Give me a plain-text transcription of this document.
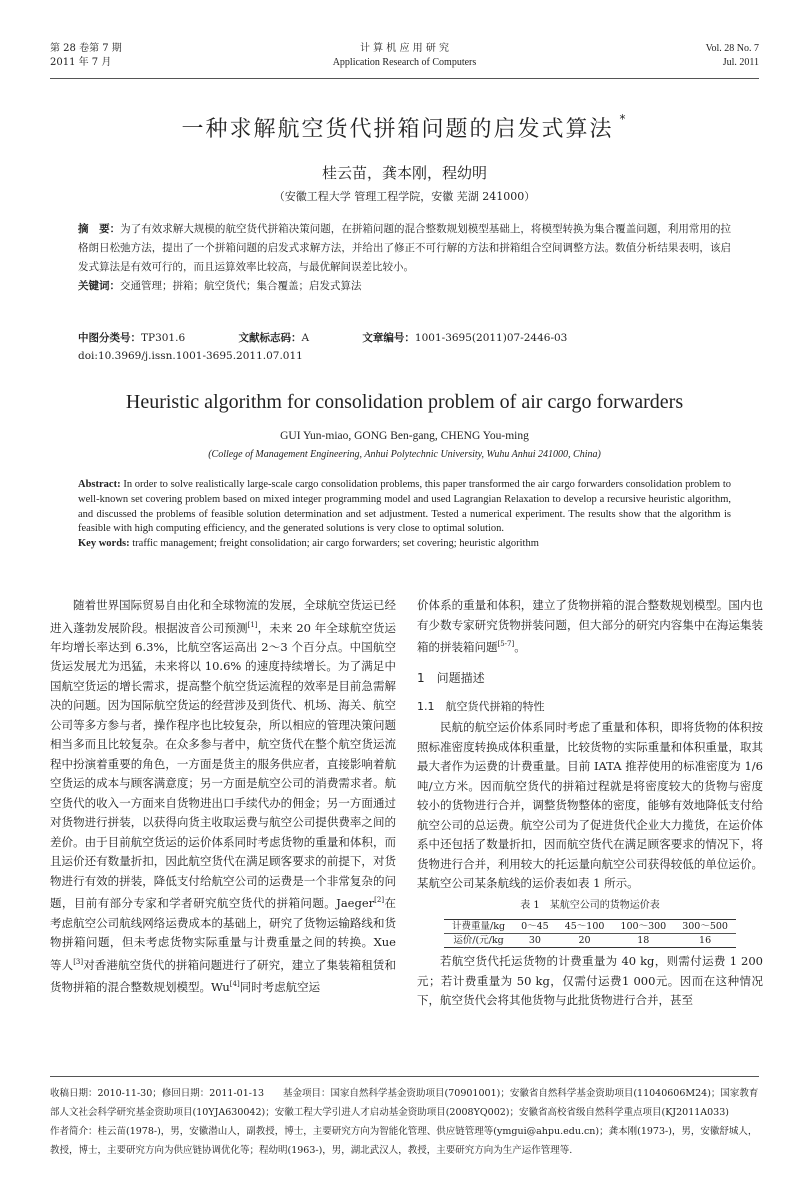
第 28 卷第 7 期
2011 年 7 月
计 算 机 应 用 研 究
Application Research of Computers
Vol. 28 No. 7
Jul. 2011
一种求解航空货代拼箱问题的启发式算法 *
桂云苗，龚本刚，程幼明
（安徽工程大学 管理工程学院，安徽 芜湖 241000）
摘　要：为了有效求解大规模的航空货代拼箱决策问题，在拼箱问题的混合整数规划模型基础上，将模型转换为集合覆盖问题，利用常用的拉格朗日松弛方法，提出了一个拼箱问题的启发式求解方法，并给出了修正不可行解的方法和拼箱组合空间调整方法。数值分析结果表明，该启发式算法是有效可行的，而且运算效率比较高，与最优解间误差比较小。
关键词：交通管理；拼箱；航空货代；集合覆盖；启发式算法
中图分类号：TP301.6	文献标志码：A	文章编号：1001-3695(2011)07-2446-03
doi:10.3969/j.issn.1001-3695.2011.07.011
Heuristic algorithm for consolidation problem of air cargo forwarders
GUI Yun-miao, GONG Ben-gang, CHENG You-ming
(College of Management Engineering, Anhui Polytechnic University, Wuhu Anhui 241000, China)
Abstract: In order to solve realistically large-scale cargo consolidation problems, this paper transformed the air cargo forwarders consolidation problem to well-known set covering problem based on mixed integer programming model and used Lagrangian Relaxation to develop a recursive heuristic algorithm, and discussed the problems of feasible solution determination and set adjustment. Tested a numerical experiment. The results show that the algorithm is feasible with high computing efficiency, and the generated solutions is very close to optimal solution.
Key words: traffic management; freight consolidation; air cargo forwarders; set covering; heuristic algorithm

随着世界国际贸易自由化和全球物流的发展，全球航空货运已经进入蓬勃发展阶段。根据波音公司预测[1]，未来 20 年全球航空货运年均增长率达到 6.3%，比航空客运高出 2～3 个百分点。中国航空货运发展尤为迅猛，未来将以 10.6% 的速度持续增长。为了满足中国航空货运的增长需求，提高整个航空货运流程的效率是目前急需解决的问题。因为国际航空货运的经营涉及到货代、机场、海关、航空公司等多方参与者，操作程序也比较复杂，所以相应的管理决策问题相当多而且比较复杂。在众多参与者中，航空货代在整个航空货运流程中扮演着重要的角色，一方面是货主的服务供应者，直接影响着航空货运的成本与顾客满意度；另一方面是航空公司的消费需求者。航空货代的收入一方面来自货物进出口手续代办的佣金；另一方面通过对货物进行拼装，以获得向货主收取运费与航空公司提供费率之间的差价。由于目前航空货运的运价体系同时考虑货物的重量和体积，而且运价还有数量折扣，因此航空货代在满足顾客要求的前提下，对货物进行有效的拼装，降低支付给航空公司的运费是一个非常复杂的问题，目前有部分专家和学者研究航空货代的拼箱问题。Jaeger[2]在考虑航空公司航线网络运费成本的基础上，研究了货物运输路线和货物拼箱问题，但未考虑货物实际重量与计费重量之间的转换。Xue 等人[3]对香港航空货代的拼箱问题进行了研究，建立了集装箱租赁和货物拼箱的混合整数规划模型。Wu[4]同时考虑航空运

价体系的重量和体积，建立了货物拼箱的混合整数规划模型。国内也有少数专家研究货物拼装问题，但大部分的研究内容集中在海运集装箱的拼装箱问题[5-7]。

1　问题描述
1.1　航空货代拼箱的特性

民航的航空运价体系同时考虑了重量和体积，即将货物的体积按照标准密度转换成体积重量，比较货物的实际重量和体积重量，取其最大者作为运费的计费重量。目前 IATA 推荐使用的标准密度为 1/6 吨/立方米。因而航空货代的拼箱过程就是将密度较大的货物与密度较小的货物进行合并，调整货物整体的密度，能够有效地降低支付给航空公司的总运费。航空公司为了促进货代企业大力揽货，在运价体系中还包括了数量折扣，因而航空货代在满足顾客要求的情况下，将货物进行合并，利用较大的托运量向航空公司获得较低的单位运价。某航空公司某条航线的运价表如表 1 所示。

表 1　某航空公司的货物运价表
计费重量/kg	0～45	45～100	100～300	300～500
运价/(元/kg	30	20	18	16

若航空货代托运货物的计费重量为 40 kg，则需付运费 1 200元；若计费重量为 50 kg，仅需付运费1 000元。因而在这种情况下，航空货代会将其他货物与此批货物进行合并，甚至

收稿日期：2010-11-30；修回日期：2011-01-13　　基金项目：国家自然科学基金资助项目(70901001)；安徽省自然科学基金资助项目(11040606M24)；国家教育部人文社会科学研究基金资助项目(10YJA630042)；安徽工程大学引进人才启动基金资助项目(2008YQ002)；安徽省高校省级自然科学重点项目(KJ2011A033)
作者简介：桂云苗(1978-)，男，安徽潜山人，副教授，博士，主要研究方向为智能化管理、供应链管理等(ymgui@ahpu.edu.cn)；龚本刚(1973-)，男，安徽舒城人，教授，博士，主要研究方向为供应链协调优化等；程幼明(1963-)，男，湖北武汉人，教授，主要研究方向为生产运作管理等.
